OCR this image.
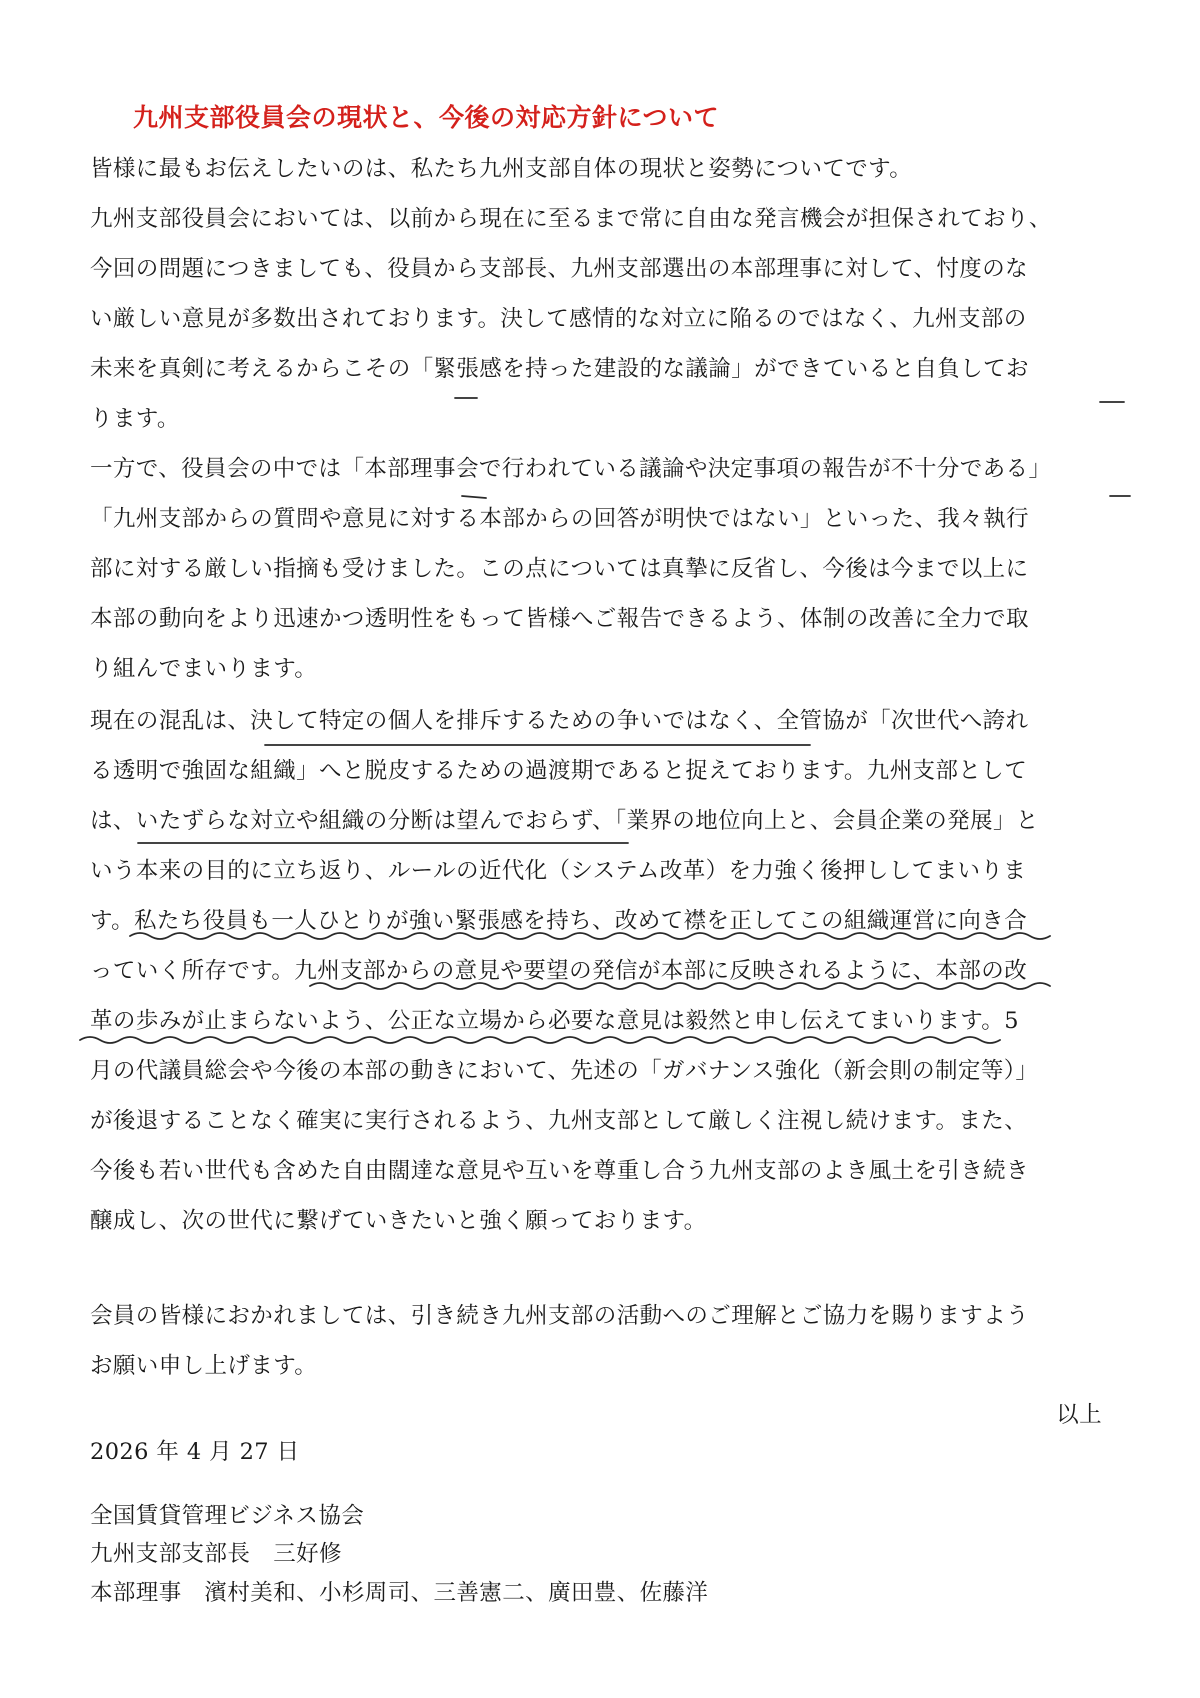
九州支部役員会の現状と、今後の対応方針について
皆様に最もお伝えしたいのは、私たち九州支部自体の現状と姿勢についてです。
九州支部役員会においては、以前から現在に至るまで常に自由な発言機会が担保されており、
今回の問題につきましても、役員から支部長、九州支部選出の本部理事に対して、忖度のな
い厳しい意見が多数出されております。決して感情的な対立に陥るのではなく、九州支部の
未来を真剣に考えるからこその「緊張感を持った建設的な議論」ができていると自負してお
ります。
一方で、役員会の中では「本部理事会で行われている議論や決定事項の報告が不十分である」
「九州支部からの質問や意見に対する本部からの回答が明快ではない」といった、我々執行
部に対する厳しい指摘も受けました。この点については真摯に反省し、今後は今まで以上に
本部の動向をより迅速かつ透明性をもって皆様へご報告できるよう、体制の改善に全力で取
り組んでまいります。
現在の混乱は、決して特定の個人を排斥するための争いではなく、全管協が「次世代へ誇れ
る透明で強固な組織」へと脱皮するための過渡期であると捉えております。九州支部として
は、いたずらな対立や組織の分断は望んでおらず、「業界の地位向上と、会員企業の発展」と
いう本来の目的に立ち返り、ルールの近代化（システム改革）を力強く後押ししてまいりま
す。私たち役員も一人ひとりが強い緊張感を持ち、改めて襟を正してこの組織運営に向き合
っていく所存です。九州支部からの意見や要望の発信が本部に反映されるように、本部の改
革の歩みが止まらないよう、公正な立場から必要な意見は毅然と申し伝えてまいります。5
月の代議員総会や今後の本部の動きにおいて、先述の「ガバナンス強化（新会則の制定等）」
が後退することなく確実に実行されるよう、九州支部として厳しく注視し続けます。また、
今後も若い世代も含めた自由闊達な意見や互いを尊重し合う九州支部のよき風土を引き続き
醸成し、次の世代に繋げていきたいと強く願っております。
会員の皆様におかれましては、引き続き九州支部の活動へのご理解とご協力を賜りますよう
お願い申し上げます。
以上
2026 年 4 月 27 日
全国賃貸管理ビジネス協会
九州支部支部長　三好修
本部理事　濱村美和、小杉周司、三善憲二、廣田豊、佐藤洋
